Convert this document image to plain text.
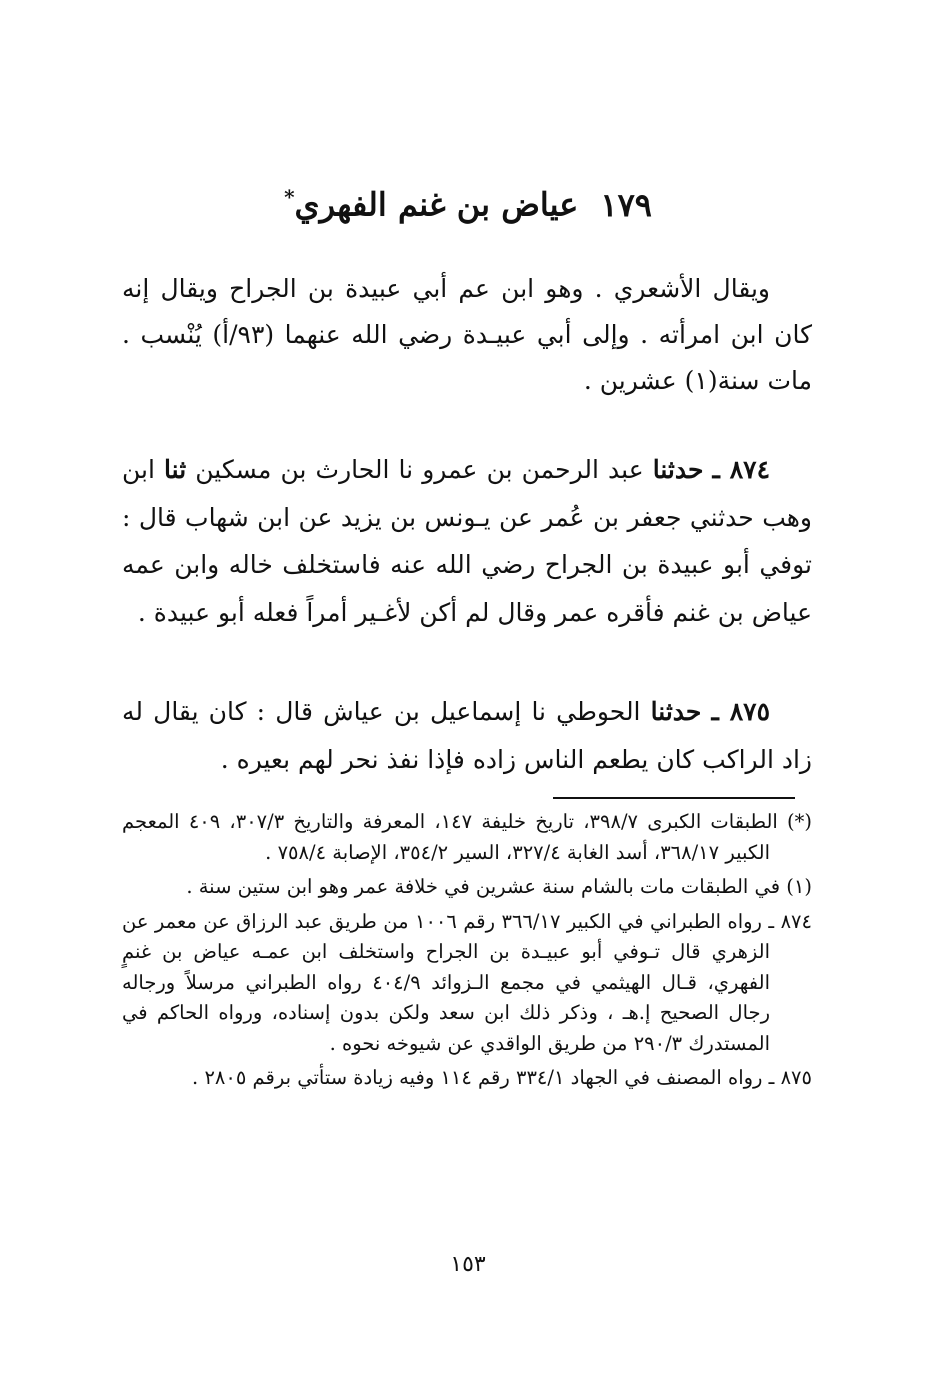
١٧٩عياض بن غنم الفهري*

ويقال الأشعري . وهو ابن عم أبي عبيدة بن الجراح ويقال إنه كان ابن امرأته . وإلى أبي عبيـدة رضي الله عنهما (٩٣/أ) يُنْسب . مات سنة(١) عشرين .

٨٧٤ ـ حدثنا عبد الرحمن بن عمرو نا الحارث بن مسكين ثنا ابن وهب حدثني جعفر بن عُمر عن يـونس بن يزيد عن ابن شهاب قال : توفي أبو عبيدة بن الجراح رضي الله عنه فاستخلف خاله وابن عمه عياض بن غنم فأقره عمر وقال لم أكن لأغـير أمراً فعله أبو عبيدة .
٨٧٥ ـ حدثنا الحوطي نا إسماعيل بن عياش قال : كان يقال له زاد الراكب كان يطعم الناس زاده فإذا نفذ نحر لهم بعيره .

(*) الطبقات الكبرى ٣٩٨/٧، تاريخ خليفة ١٤٧، المعرفة والتاريخ ٣٠٧/٣، ٤٠٩ المعجم الكبير ٣٦٨/١٧، أسد الغابة ٣٢٧/٤، السير ٣٥٤/٢، الإصابة ٧٥٨/٤ .

(١) في الطبقات مات بالشام سنة عشرين في خلافة عمر وهو ابن ستين سنة .

٨٧٤ ـ رواه الطبراني في الكبير ٣٦٦/١٧ رقم ١٠٠٦ من طريق عبد الرزاق عن معمر عن الزهري قال تـوفي أبو عبيـدة بن الجراح واستخلف ابن عمـه عياض بن غنمٍ الفهري، قـال الهيثمي في مجمع الـزوائد ٤٠٤/٩ رواه الطبراني مرسلاً ورجاله رجال الصحيح إ.هـ ، وذكر ذلك ابن سعد ولكن بدون إسناده، ورواه الحاكم في المستدرك ٢٩٠/٣ من طريق الواقدي عن شيوخه نحوه .

٨٧٥ ـ رواه المصنف في الجهاد ٣٣٤/١ رقم ١١٤ وفيه زيادة ستأتي برقم ٢٨٠٥ .

١٥٣
